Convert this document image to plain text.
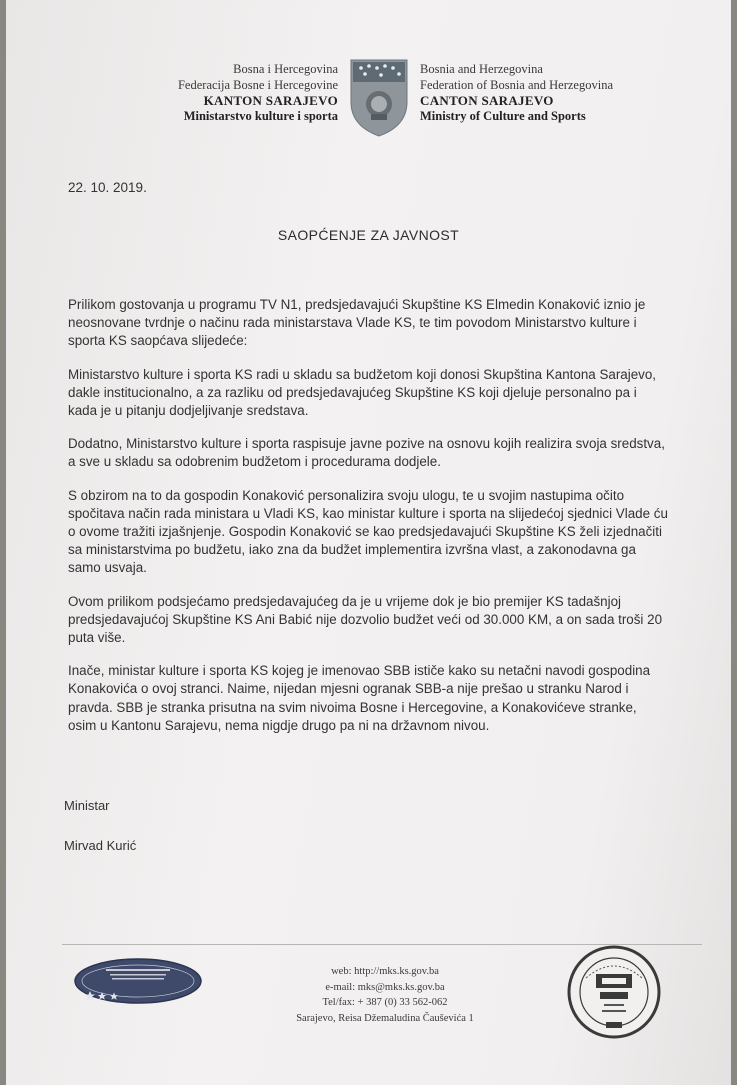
Bosna i Hercegovina
Federacija Bosne i Hercegovine
KANTON SARAJEVO
Ministarstvo kulture i sporta
Bosnia and Herzegovina
Federation of Bosnia and Herzegovina
CANTON SARAJEVO
Ministry of Culture and Sports
22. 10. 2019.
SAOPĆENJE ZA JAVNOST

Prilikom gostovanja u programu TV N1, predsjedavajući Skupštine KS Elmedin Konaković iznio je neosnovane tvrdnje o načinu rada ministarstava Vlade KS, te tim povodom Ministarstvo kulture i sporta KS saopćava slijedeće:

Ministarstvo kulture i sporta KS radi u skladu sa budžetom koji donosi Skupština Kantona Sarajevo, dakle institucionalno, a za razliku od predsjedavajućeg Skupštine KS koji djeluje personalno pa i kada je u pitanju dodjeljivanje sredstava.

Dodatno, Ministarstvo kulture i sporta raspisuje javne pozive na osnovu kojih realizira svoja sredstva, a sve u skladu sa odobrenim budžetom i procedurama dodjele.

S obzirom na to da gospodin Konaković personalizira svoju ulogu, te u svojim nastupima očito spočitava način rada ministara u Vladi KS, kao ministar kulture i sporta na slijedećoj sjednici Vlade ću o ovome tražiti izjašnjenje. Gospodin Konaković se kao predsjedavajući Skupštine KS želi izjednačiti sa ministarstvima po budžetu, iako zna da budžet implementira izvršna vlast, a zakonodavna ga samo usvaja.

Ovom prilikom podsjećamo predsjedavajućeg da je u vrijeme dok je bio premijer KS tadašnjoj predsjedavajućoj Skupštine KS Ani Babić nije dozvolio budžet veći od 30.000 KM, a on sada troši 20 puta više.

Inače, ministar kulture i sporta KS kojeg je imenovao SBB ističe kako su netačni navodi gospodina Konakovića o ovoj stranci. Naime, nijedan mjesni ogranak SBB-a nije prešao u stranku Narod i pravda. SBB je stranka prisutna na svim nivoima Bosne i Hercegovine, a Konakovićeve stranke, osim u Kantonu Sarajevu, nema nigdje drugo pa ni na državnom nivou.

Ministar
Mirvad Kurić
web: http://mks.ks.gov.ba
e-mail: mks@mks.ks.gov.ba
Tel/fax: + 387 (0) 33 562-062
Sarajevo, Reisa Džemaludina Čauševića 1
